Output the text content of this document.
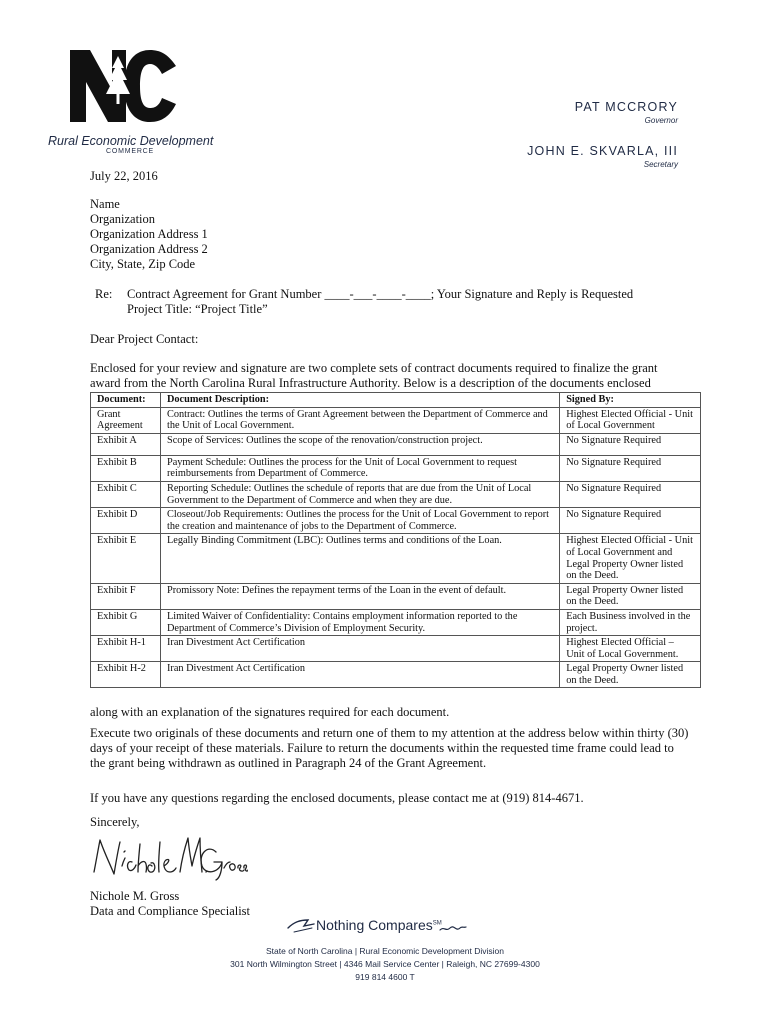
Rural Economic Development
COMMERCE
PAT MCCRORY
Governor
JOHN E. SKVARLA, III
Secretary
July 22, 2016
Name
Organization
Organization Address 1
Organization Address 2
City, State, Zip Code
Re: Contract Agreement for Grant Number ____-___-____-____; Your Signature and Reply is Requested
Project Title: “Project Title”
Dear Project Contact:
Enclosed for your review and signature are two complete sets of contract documents required to finalize the grant award from the North Carolina Rural Infrastructure Authority. Below is a description of the documents enclosed
Document:	Document Description:	Signed By:
Grant Agreement	Contract: Outlines the terms of Grant Agreement between the Department of Commerce and the Unit of Local Government.	Highest Elected Official - Unit of Local Government
Exhibit A	Scope of Services: Outlines the scope of the renovation/construction project.	No Signature Required
Exhibit B	Payment Schedule: Outlines the process for the Unit of Local Government to request reimbursements from Department of Commerce.	No Signature Required
Exhibit C	Reporting Schedule: Outlines the schedule of reports that are due from the Unit of Local Government to the Department of Commerce and when they are due.	No Signature Required
Exhibit D	Closeout/Job Requirements: Outlines the process for the Unit of Local Government to report the creation and maintenance of jobs to the Department of Commerce.	No Signature Required
Exhibit E	Legally Binding Commitment (LBC): Outlines terms and conditions of the Loan.	Highest Elected Official - Unit of Local Government and Legal Property Owner listed on the Deed.
Exhibit F	Promissory Note: Defines the repayment terms of the Loan in the event of default.	Legal Property Owner listed on the Deed.
Exhibit G	Limited Waiver of Confidentiality: Contains employment information reported to the Department of Commerce’s Division of Employment Security.	Each Business involved in the project.
Exhibit H-1	Iran Divestment Act Certification	Highest Elected Official – Unit of Local Government.
Exhibit H-2	Iran Divestment Act Certification	Legal Property Owner listed on the Deed.
along with an explanation of the signatures required for each document.
Execute two originals of these documents and return one of them to my attention at the address below within thirty (30) days of your receipt of these materials. Failure to return the documents within the requested time frame could lead to the grant being withdrawn as outlined in Paragraph 24 of the Grant Agreement.
If you have any questions regarding the enclosed documents, please contact me at (919) 814-4671.
Sincerely,
Nichole M. Gross
Data and Compliance Specialist
Nothing Compares℠
State of North Carolina | Rural Economic Development Division
301 North Wilmington Street | 4346 Mail Service Center | Raleigh, NC 27699-4300
919 814 4600 T
